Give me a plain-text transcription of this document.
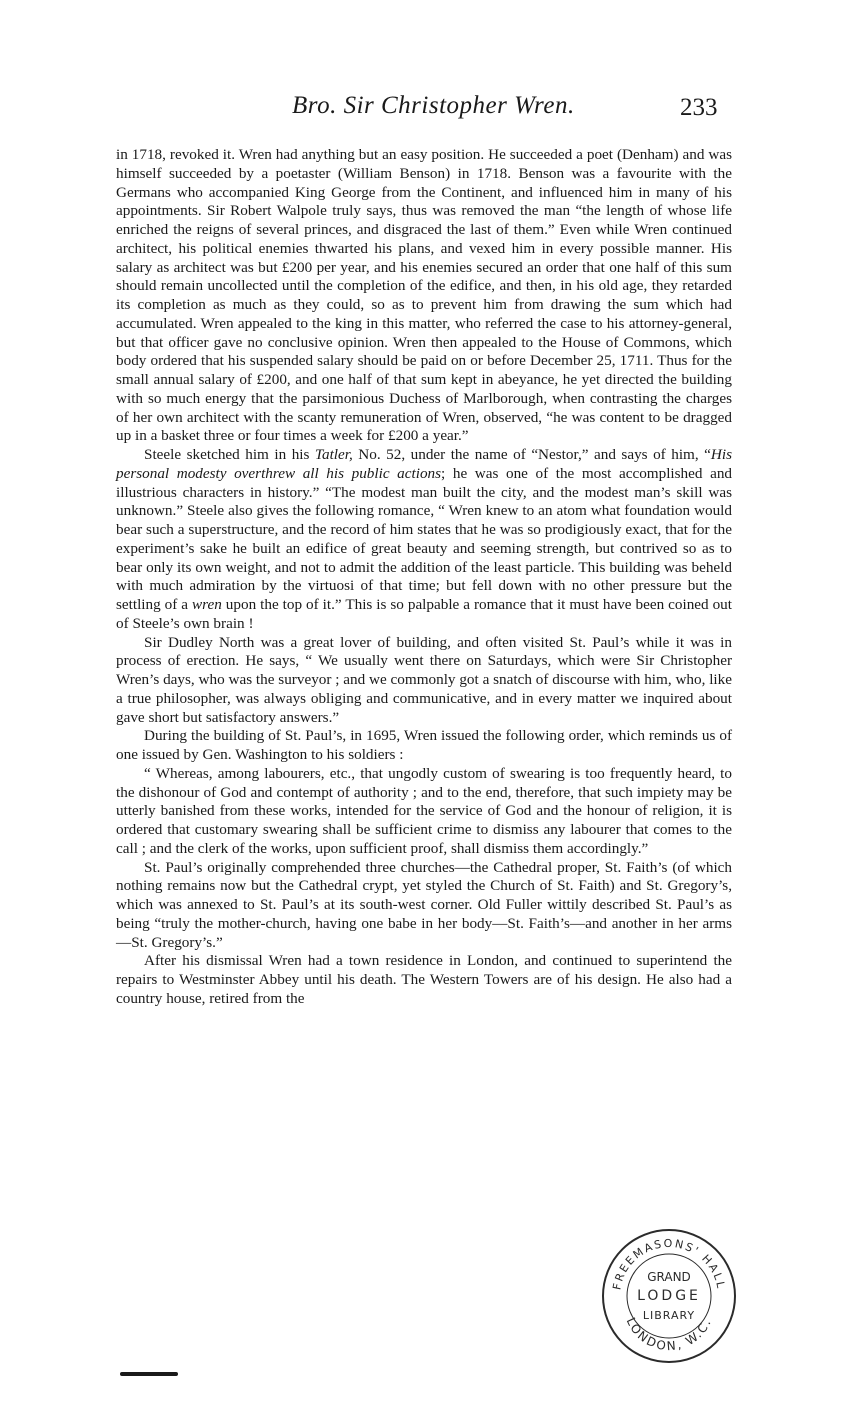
Bro. Sir Christopher Wren.	233

in 1718, revoked it. Wren had anything but an easy position. He succeeded a poet (Denham) and was himself succeeded by a poetaster (William Benson) in 1718. Benson was a favourite with the Germans who accompanied King George from the Continent, and influenced him in many of his appointments. Sir Robert Walpole truly says, thus was removed the man “the length of whose life enriched the reigns of several princes, and disgraced the last of them.” Even while Wren continued architect, his political enemies thwarted his plans, and vexed him in every possible manner. His salary as architect was but £200 per year, and his enemies secured an order that one half of this sum should remain uncollected until the completion of the edifice, and then, in his old age, they retarded its completion as much as they could, so as to prevent him from drawing the sum which had accumulated. Wren appealed to the king in this matter, who referred the case to his attorney-general, but that officer gave no conclusive opinion. Wren then appealed to the House of Commons, which body ordered that his suspended salary should be paid on or before December 25, 1711. Thus for the small annual salary of £200, and one half of that sum kept in abeyance, he yet directed the building with so much energy that the parsimonious Duchess of Marlborough, when contrasting the charges of her own architect with the scanty remuneration of Wren, observed, “he was content to be dragged up in a basket three or four times a week for £200 a year.”

Steele sketched him in his Tatler, No. 52, under the name of “Nestor,” and says of him, “His personal modesty overthrew all his public actions; he was one of the most accomplished and illustrious characters in history.” “The modest man built the city, and the modest man’s skill was unknown.” Steele also gives the following romance, “ Wren knew to an atom what foundation would bear such a superstructure, and the record of him states that he was so prodigiously exact, that for the experiment’s sake he built an edifice of great beauty and seeming strength, but contrived so as to bear only its own weight, and not to admit the addition of the least particle. This building was beheld with much admiration by the virtuosi of that time; but fell down with no other pressure but the settling of a wren upon the top of it.” This is so palpable a romance that it must have been coined out of Steele’s own brain !

Sir Dudley North was a great lover of building, and often visited St. Paul’s while it was in process of erection. He says, “ We usually went there on Saturdays, which were Sir Christopher Wren’s days, who was the surveyor ; and we commonly got a snatch of discourse with him, who, like a true philosopher, was always obliging and communicative, and in every matter we inquired about gave short but satisfactory answers.”

During the building of St. Paul’s, in 1695, Wren issued the following order, which reminds us of one issued by Gen. Washington to his soldiers :

“ Whereas, among labourers, etc., that ungodly custom of swearing is too frequently heard, to the dishonour of God and contempt of authority ; and to the end, therefore, that such impiety may be utterly banished from these works, intended for the service of God and the honour of religion, it is ordered that customary swearing shall be sufficient crime to dismiss any labourer that comes to the call ; and the clerk of the works, upon sufficient proof, shall dismiss them accordingly.”

St. Paul’s originally comprehended three churches—the Cathedral proper, St. Faith’s (of which nothing remains now but the Cathedral crypt, yet styled the Church of St. Faith) and St. Gregory’s, which was annexed to St. Paul’s at its south-west corner. Old Fuller wittily described St. Paul’s as being “truly the mother-church, having one babe in her body—St. Faith’s—and another in her arms—St. Gregory’s.”

After his dismissal Wren had a town residence in London, and continued to superintend the repairs to Westminster Abbey until his death. The Western Towers are of his design. He also had a country house, retired from the

FREEMASONS' HALL
LONDON, W.C.
GRAND
LODGE
LIBRARY
